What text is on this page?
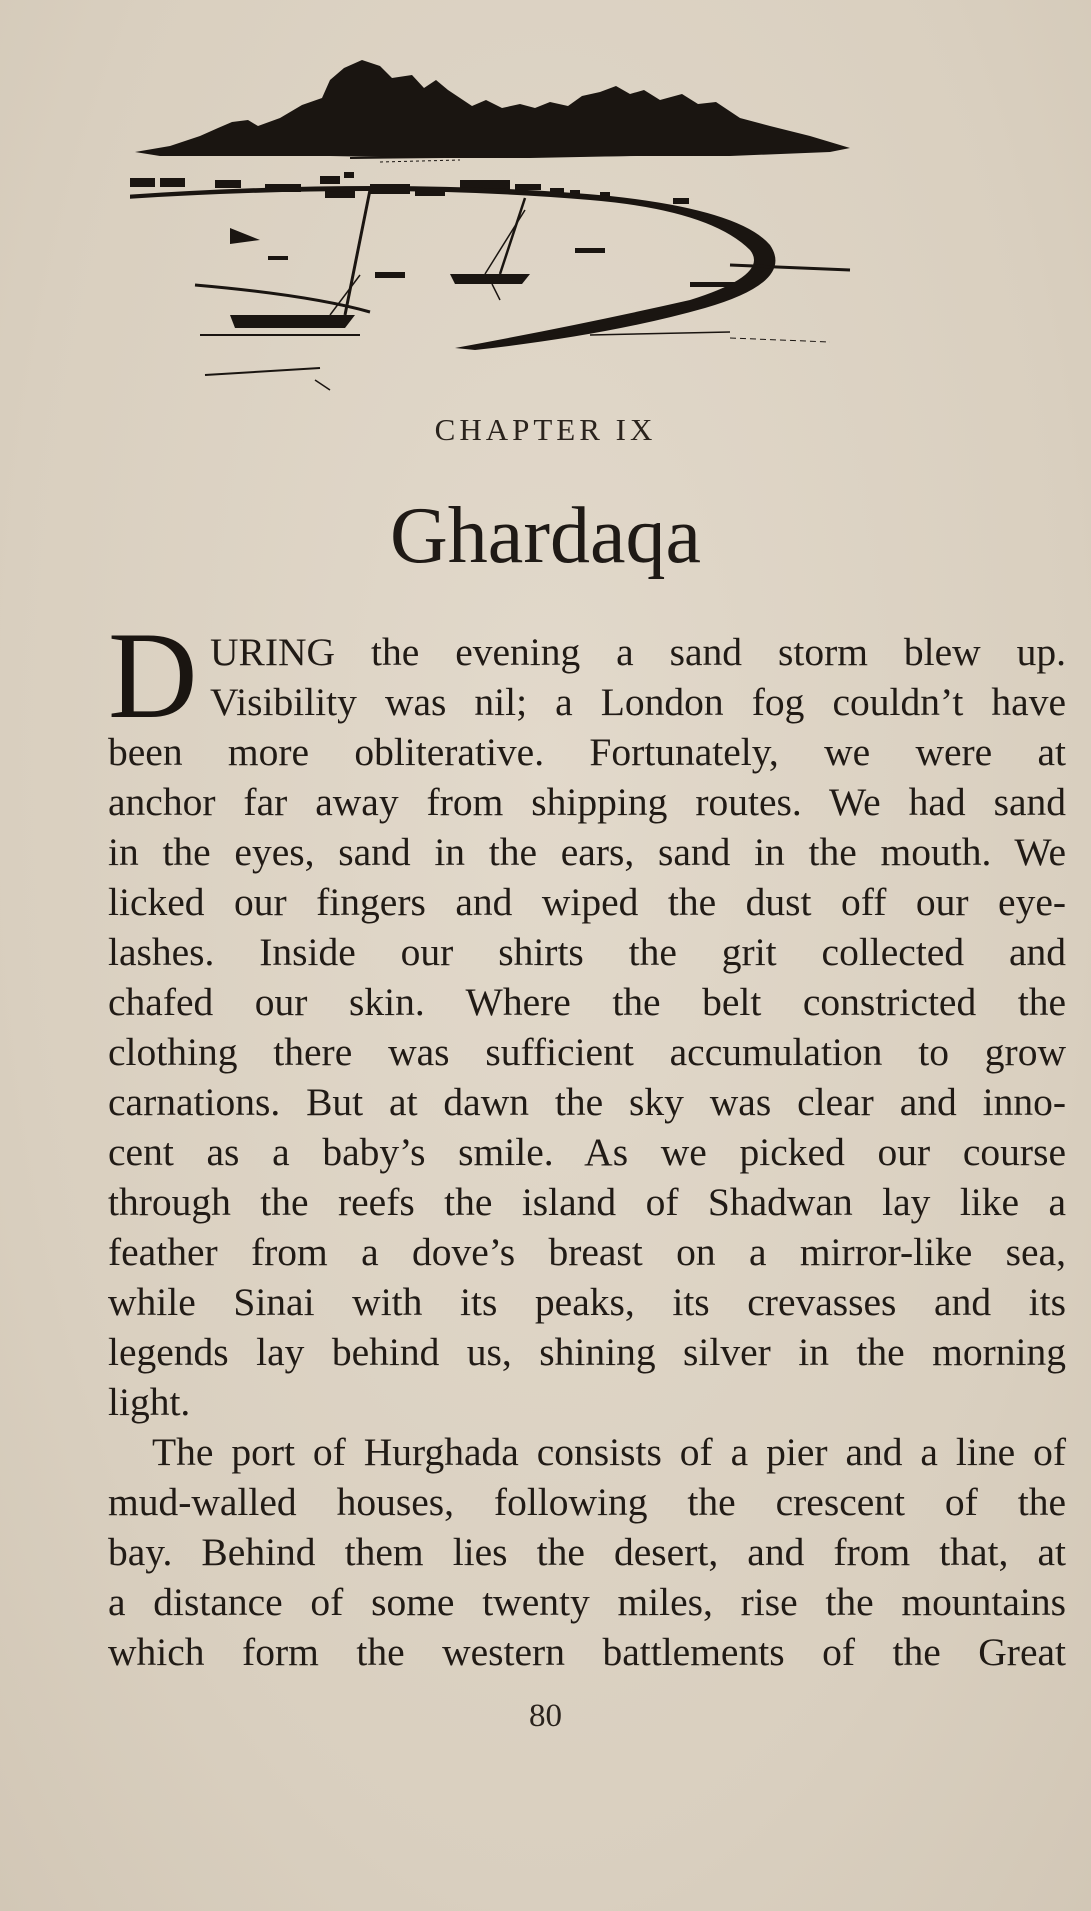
CHAPTER IX
Ghardaqa
D URING the evening a sand storm blew up.
Visibility was nil; a London fog couldn’t have
been more obliterative. Fortunately, we were at
anchor far away from shipping routes. We had sand
in the eyes, sand in the ears, sand in the mouth. We
licked our fingers and wiped the dust off our eye-
lashes. Inside our shirts the grit collected and
chafed our skin. Where the belt constricted the
clothing there was sufficient accumulation to grow
carnations. But at dawn the sky was clear and inno-
cent as a baby’s smile. As we picked our course
through the reefs the island of Shadwan lay like a
feather from a dove’s breast on a mirror-like sea,
while Sinai with its peaks, its crevasses and its
legends lay behind us, shining silver in the morning
light.
The port of Hurghada consists of a pier and a line of
mud-walled houses, following the crescent of the
bay. Behind them lies the desert, and from that, at
a distance of some twenty miles, rise the mountains
which form the western battlements of the Great
80
